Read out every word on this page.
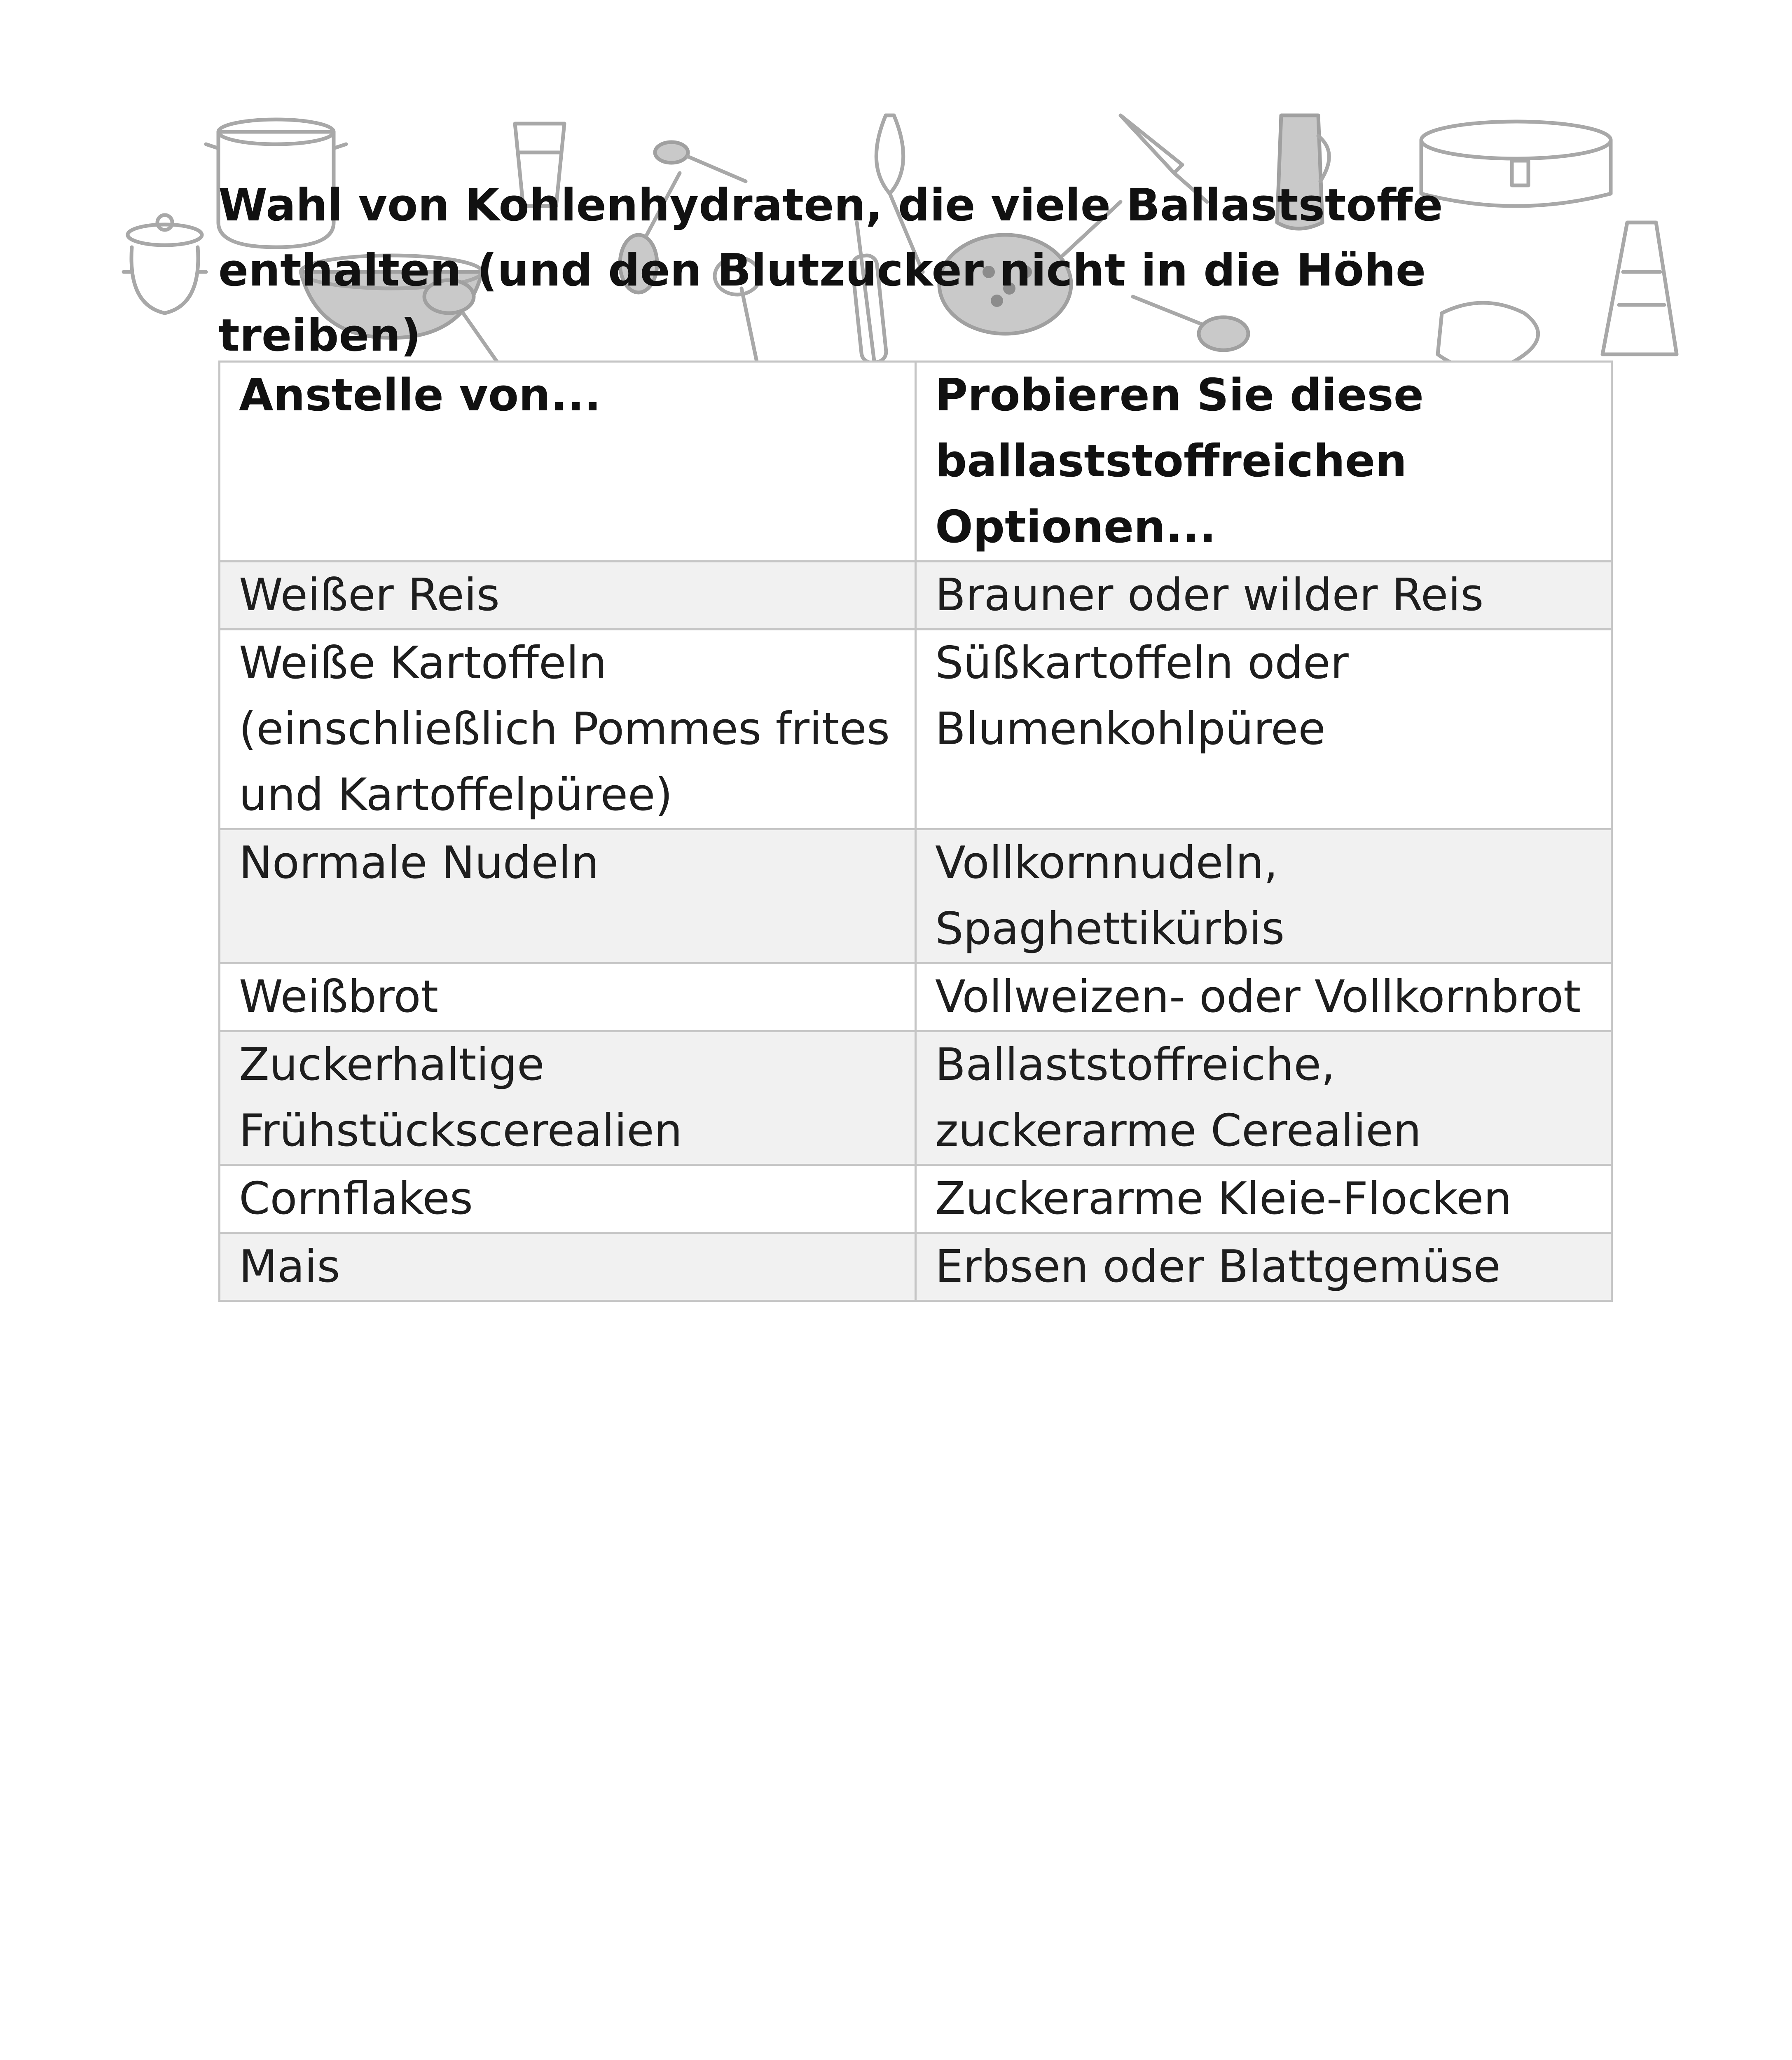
Wahl von Kohlenhydraten, die viele Ballaststoffe enthalten (und den Blutzucker nicht in die Höhe treiben)
Anstelle von...	Probieren Sie diese ballaststoffreichen Optionen...
Weißer Reis	Brauner oder wilder Reis
Weiße Kartoffeln (einschließlich Pommes frites und Kartoffelpüree)	Süßkartoffeln oder Blumenkohlpüree
Normale Nudeln	Vollkornnudeln, Spaghettikürbis
Weißbrot	Vollweizen- oder Vollkornbrot
Zuckerhaltige Frühstückscerealien	Ballaststoffreiche, zuckerarme Cerealien
Cornflakes	Zuckerarme Kleie-Flocken
Mais	Erbsen oder Blattgemüse
